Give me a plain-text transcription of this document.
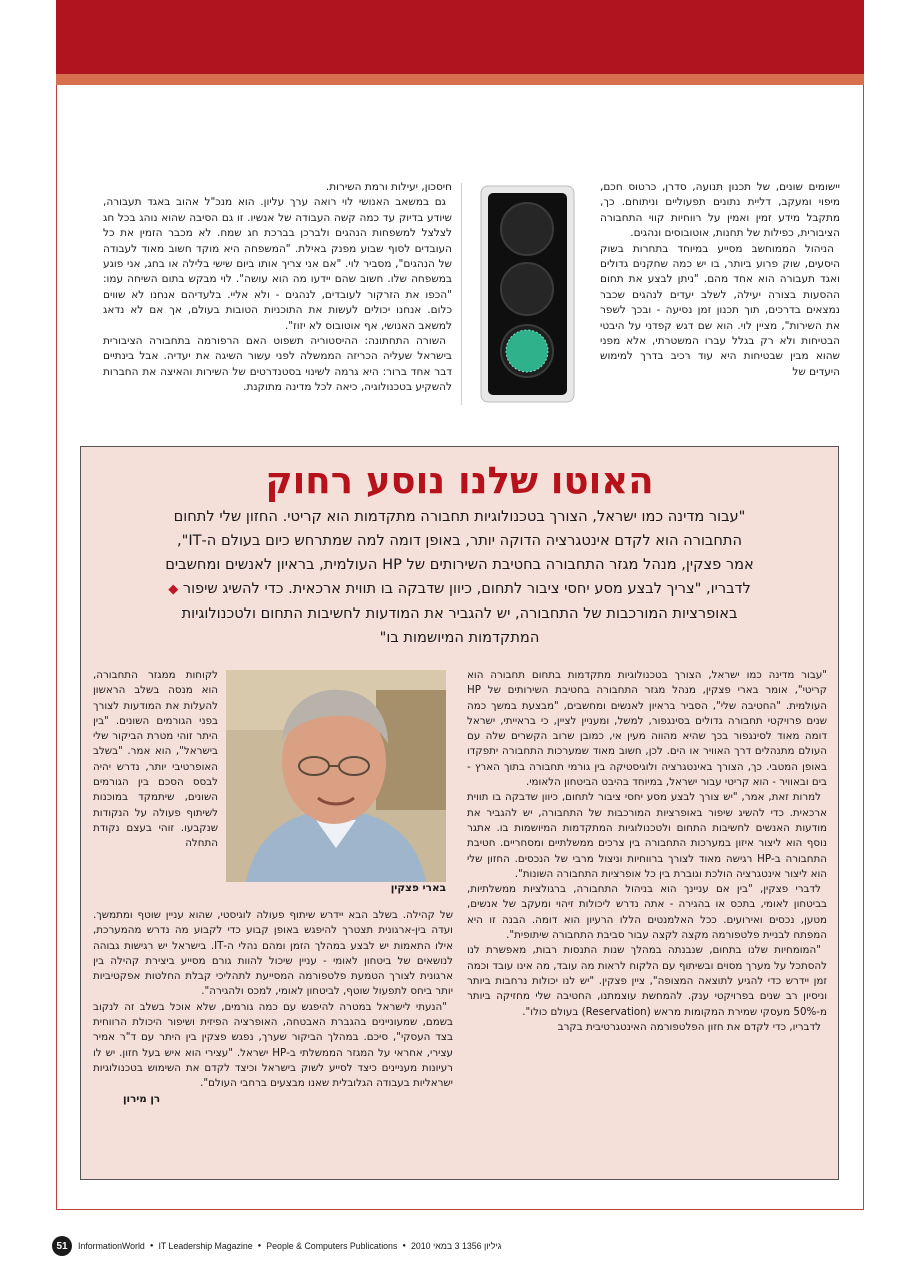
יישומים שונים, של תכנון תנועה, סדרן, כרטוס חכם, מיפוי ומעקב, דליית נתונים תפעוליים וניתוחם. כך, מתקבל מידע זמין ואמין על רווחיות קווי התחבורה הציבורית, כפילות של תחנות, אוטובוסים ונהגים.

הניהול הממוחשב מסייע במיוחד בתחרות בשוק היסעים, שוק פרוע ביותר, בו יש כמה שחקנים גדולים ואגד תעבורה הוא אחד מהם. "ניתן לבצע את תחום ההסעות בצורה יעילה, לשלב יעדים לנהגים שכבר נמצאים בדרכים, תוך תכנון זמן נסיעה - ובכך לשפר את השירות", מציין לוי. הוא שם דגש קפדני על היבטי הבטיחות ולא רק בגלל עברו המשטרתי, אלא מפני שהוא מבין שבטיחות היא עוד רכיב בדרך למימוש היעדים של

חיסכון, יעילות ורמת השירות.

גם במשאב האנושי לוי רואה ערך עליון. הוא מנכ"ל אהוב באגד תעבורה, שיודע בדיוק עד כמה קשה העבודה של אנשיו. זו גם הסיבה שהוא נוהג בכל חג לצלצל למשפחות הנהגים ולברכן בברכת חג שמח. לא מכבר הזמין את כל העובדים לסוף שבוע מפנק באילת. "המשפחה היא מוקד חשוב מאוד לעבודה של הנהגים", מסביר לוי. "אם אני צריך אותו ביום שישי בלילה או בחג, אני פוגע במשפחה שלו. חשוב שהם יידעו מה הוא עושה". לוי מבקש בתום השיחה עמו: "הכפו את הזרקור לעובדים, לנהגים - ולא אליי. בלעדיהם אנחנו לא שווים כלום. אנחנו יכולים לעשות את התוכניות הטובות בעולם, אך אם לא נדאג למשאב האנושי, אף אוטובוס לא יזוז".

השורה התחתונה: ההיסטוריה תשפוט האם הרפורמה בתחבורה הציבורית בישראל שעליה הכריזה הממשלה לפני עשור השיגה את יעדיה. אבל בינתיים דבר אחד ברור: היא גרמה לשינוי בסטנדרטים של השירות והאיצה את החברות להשקיע בטכנולוגיה, כיאה לכל מדינה מתוקנת.

האוטו שלנו נוסע רחוק
"עבור מדינה כמו ישראל, הצורך בטכנולוגיות תחבורה מתקדמות הוא קריטי. החזון שלי לתחום
התחבורה הוא לקדם אינטגרציה הדוקה יותר, באופן דומה למה שמתרחש כיום בעולם ה-IT",
אמר פצקין, מנהל מגזר התחבורה בחטיבת השירותים של HP העולמית, בראיון לאנשים ומחשבים
לדבריו, "צריך לבצע מסע יחסי ציבור לתחום, כיוון שדבקה בו תווית ארכאית. כדי להשיג שיפור ◆
באופרציות המורכבות של התחבורה, יש להגביר את המודעות לחשיבות התחום ולטכנולוגיות
המתקדמות המיושמות בו"

"עבור מדינה כמו ישראל, הצורך בטכנולוגיות מתקדמות בתחום תחבורה הוא קריטי", אומר בארי פצקין, מנהל מגזר התחבורה בחטיבת השירותים של HP העולמית. "החטיבה שלי", הסביר בראיון לאנשים ומחשבים, "מבצעת במשך כמה שנים פרויקטי תחבורה גדולים בסינגפור, למשל, ומעניין לציין, כי בראייתי, ישראל דומה מאוד לסינגפור בכך שהיא מהווה מעין אי, כמובן שרוב הקשרים שלה עם העולם מתנהלים דרך האוויר או הים. לכן, חשוב מאוד שמערכות התחבורה יתפקדו באופן המטבי. כך, הצורך באינטגרציה ולוגיסטיקה בין גורמי תחבורה בתוך הארץ - בים ובאוויר - הוא קריטי עבור ישראל, במיוחד בהיבט הביטחון הלאומי.

למרות זאת, אמר, "יש צורך לבצע מסע יחסי ציבור לתחום, כיוון שדבקה בו תווית ארכאית. כדי להשיג שיפור באופרציות המורכבות של התחבורה, יש להגביר את מודעות האנשים לחשיבות התחום ולטכנולוגיות המתקדמות המיושמות בו. אתגר נוסף הוא ליצור איזון במערכות התחבורה בין צרכים ממשלתיים ומסחריים. חטיבת התחבורה ב-HP רגישה מאוד לצורך ברווחיות וניצול מרבי של הנכסים. החזון שלי הוא ליצור אינטגרציה הולכת וגוברת בין כל אופרציות התחבורה השונות".

לדברי פצקין, "בין אם עניינך הוא בניהול התחבורה, ברגולציות ממשלתיות, בביטחון לאומי, בתכס או בהגירה - אתה נדרש ליכולות זיהוי ומעקב של אנשים, מטען, נכסים ואירועים. ככל האלמנטים הללו הרעיון הוא דומה. הבנה זו היא המפתח לבניית פלטפורמה מקצה לקצה עבור סביבת התחבורה שיתופית".

"המומחיות שלנו בתחום, שנבנתה במהלך שנות התנסות רבות, מאפשרת לנו להסתכל על מערך מסוים ובשיתוף עם הלקוח לראות מה עובד, מה אינו עובד וכמה זמן יידרש כדי להגיע לתוצאה המצופה", ציין פצקין. "יש לנו יכולות נרחבות ביותר וניסיון רב שנים בפרויקטי ענק. להמחשת עוצמתנו, החטיבה שלי מחזיקה ביותר מ-50% מעסקי שמירת המקומות מראש (Reservation) בעולם כולו".

לדבריו, כדי לקדם את חזון הפלטפורמה האינטגרטיבית בקרב

בארי פצקין

לקוחות ממגזר התחבורה, הוא מנסה בשלב הראשון להעלות את המודעות לצורך בפני הגורמים השונים. "בין היתר זוהי מטרת הביקור שלי בישראל", הוא אמר. "בשלב האופרטיבי יותר, נדרש יהיה לבסס הסכם בין הגורמים השונים, שיתמקד במוכנות לשיתוף פעולה על הנקודות שנקבעו. זוהי בעצם נקודת התחלה

של קהילה. בשלב הבא יידרש שיתוף פעולה לוגיסטי, שהוא עניין שוטף ומתמשך. ועדה בין-ארגונית תצטרך להיפגש באופן קבוע כדי לקבוע מה נדרש מהמערכת, אילו התאמות יש לבצע במהלך הזמן ומהם נהלי ה-IT. בישראל יש רגישות גבוהה לנושאים של ביטחון לאומי - עניין שיכול להוות גורם מסייע ביצירת קהילה בין ארגונית לצורך הטמעת פלטפורמה המסייעת לתהליכי קבלת החלטות אפקטיביות יותר ביחס לתפעול שוטף, לביטחון לאומי, למכס ולהגירה".

"הנעתי לישראל במטרה להיפגש עם כמה גורמים, שלא אוכל בשלב זה לנקוב בשמם, שמעוניינים בהגברת האבטחה, האופרציה הפיזית ושיפור היכולת הרווחית בצד העסקי", סיכם. במהלך הביקור שערך, נפגש פצקין בין היתר עם ד"ר אמיר עצירי, אחראי על המגזר הממשלתי ב-HP ישראל. "עצירי הוא איש בעל חזון. יש לו רעיונות מעניינים כיצד לסייע לשוק בישראל וכיצד לקדם את השימוש בטכנולוגיות ישראליות בעבודה הגלובלית שאנו מבצעים ברחבי העולם".

רן מירון

51	InformationWorld ● IT Leadership Magazine ● People & Computers Publications ● גיליון 1356 3 במאי 2010
